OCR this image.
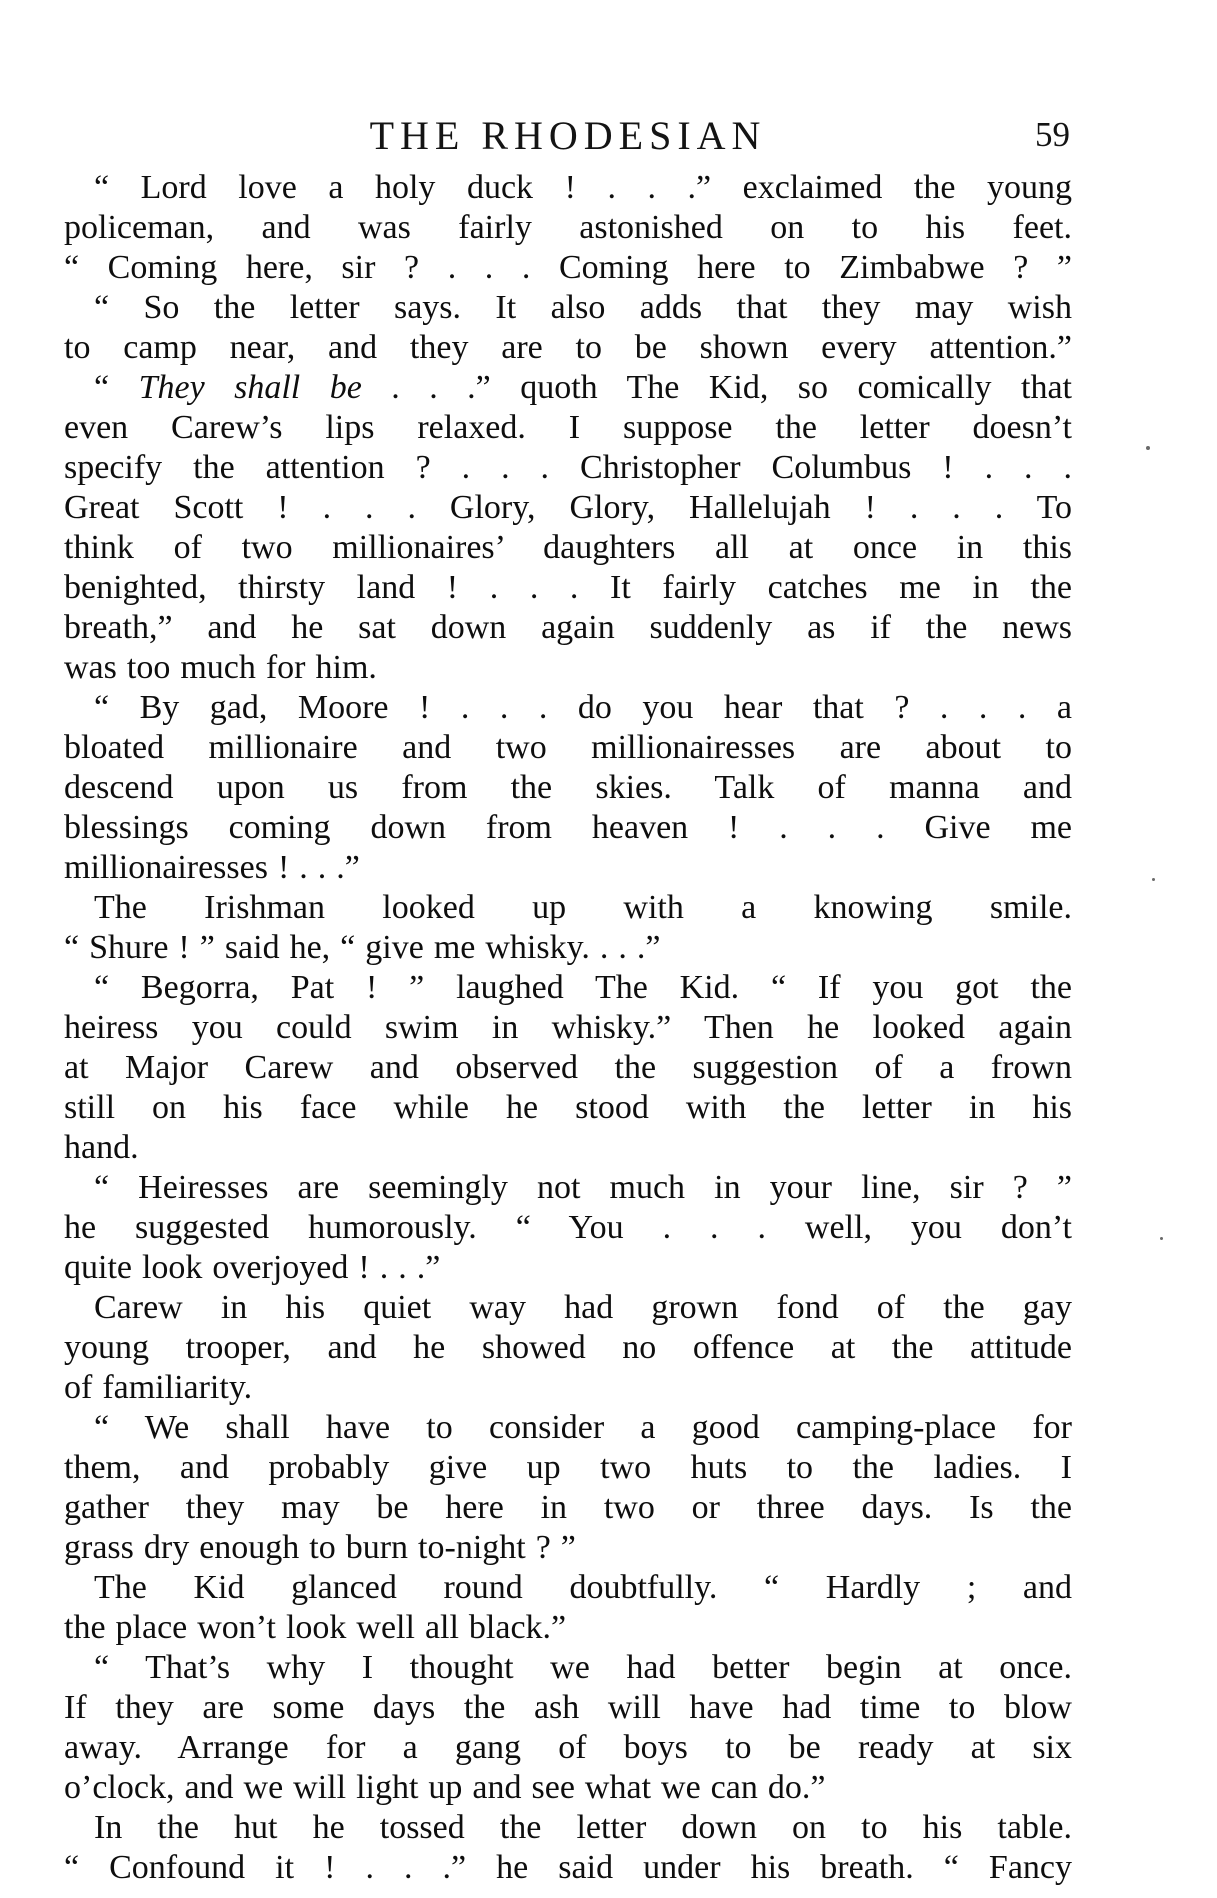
THE RHODESIAN	59
“ Lord love a holy duck ! . . .” exclaimed the young
policeman, and was fairly astonished on to his feet.
“ Coming here, sir ? . . . Coming here to Zimbabwe ? ”
“ So the letter says. It also adds that they may wish
to camp near, and they are to be shown every attention.”
“ They shall be . . .” quoth The Kid, so comically that
even Carew’s lips relaxed. I suppose the letter doesn’t
specify the attention ? . . . Christopher Columbus ! . . .
Great Scott ! . . . Glory, Glory, Hallelujah ! . . . To
think of two millionaires’ daughters all at once in this
benighted, thirsty land ! . . . It fairly catches me in the
breath,” and he sat down again suddenly as if the news
was too much for him.
“ By gad, Moore ! . . . do you hear that ? . . . a
bloated millionaire and two millionairesses are about to
descend upon us from the skies. Talk of manna and
blessings coming down from heaven ! . . . Give me
millionairesses ! . . .”
The Irishman looked up with a knowing smile.
“ Shure ! ” said he, “ give me whisky. . . .”
“ Begorra, Pat ! ” laughed The Kid. “ If you got the
heiress you could swim in whisky.” Then he looked again
at Major Carew and observed the suggestion of a frown
still on his face while he stood with the letter in his
hand.
“ Heiresses are seemingly not much in your line, sir ? ”
he suggested humorously. “ You . . . well, you don’t
quite look overjoyed ! . . .”
Carew in his quiet way had grown fond of the gay
young trooper, and he showed no offence at the attitude
of familiarity.
“ We shall have to consider a good camping-place for
them, and probably give up two huts to the ladies. I
gather they may be here in two or three days. Is the
grass dry enough to burn to-night ? ”
The Kid glanced round doubtfully. “ Hardly ; and
the place won’t look well all black.”
“ That’s why I thought we had better begin at once.
If they are some days the ash will have had time to blow
away. Arrange for a gang of boys to be ready at six
o’clock, and we will light up and see what we can do.”
In the hut he tossed the letter down on to his table.
“ Confound it ! . . .” he said under his breath. “ Fancy
